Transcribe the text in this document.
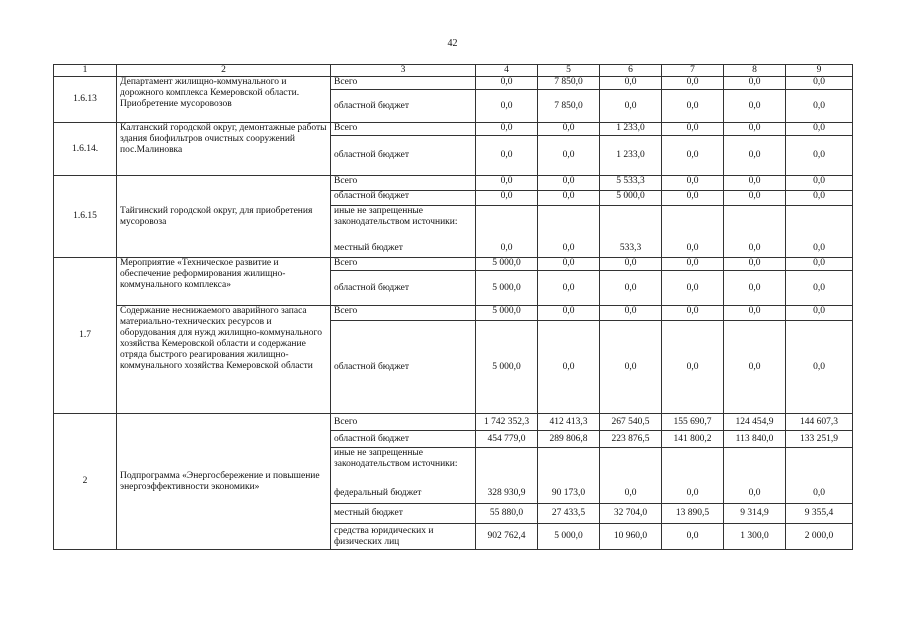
42
1	2	3	4	5	6	7	8	9
1.6.13	Департамент жилищно-коммунального и дорожного комплекса Кемеровской области. Приобретение мусоровозов	Всего	0,0	7 850,0	0,0	0,0	0,0	0,0
		областной бюджет	0,0	7 850,0	0,0	0,0	0,0	0,0
1.6.14.	Калтанский городской округ, демонтажные работы здания биофильтров очистных сооружений пос.Малиновка	Всего	0,0	0,0	1 233,0	0,0	0,0	0,0
		областной бюджет	0,0	0,0	1 233,0	0,0	0,0	0,0
1.6.15	Тайгинский городской округ, для приобретения мусоровоза	Всего	0,0	0,0	5 533,3	0,0	0,0	0,0
		областной бюджет	0,0	0,0	5 000,0	0,0	0,0	0,0
		иные не запрещенные законодательством источники:						
		местный бюджет	0,0	0,0	533,3	0,0	0,0	0,0
1.7	Мероприятие «Техническое развитие и обеспечение реформирования жилищно-коммунального комплекса»	Всего	5 000,0	0,0	0,0	0,0	0,0	0,0
		областной бюджет	5 000,0	0,0	0,0	0,0	0,0	0,0
	Содержание неснижаемого аварийного запаса материально-технических ресурсов и оборудования для нужд жилищно-коммунального хозяйства Кемеровской области и содержание отряда быстрого реагирования жилищно-коммунального хозяйства Кемеровской области	Всего	5 000,0	0,0	0,0	0,0	0,0	0,0
		областной бюджет	5 000,0	0,0	0,0	0,0	0,0	0,0
2	Подпрограмма «Энергосбережение и повышение энергоэффективности экономики»	Всего	1 742 352,3	412 413,3	267 540,5	155 690,7	124 454,9	144 607,3
		областной бюджет	454 779,0	289 806,8	223 876,5	141 800,2	113 840,0	133 251,9
		иные не запрещенные законодательством источники:						
		федеральный бюджет	328 930,9	90 173,0	0,0	0,0	0,0	0,0
		местный бюджет	55 880,0	27 433,5	32 704,0	13 890,5	9 314,9	9 355,4
		средства юридических и физических лиц	902 762,4	5 000,0	10 960,0	0,0	1 300,0	2 000,0
